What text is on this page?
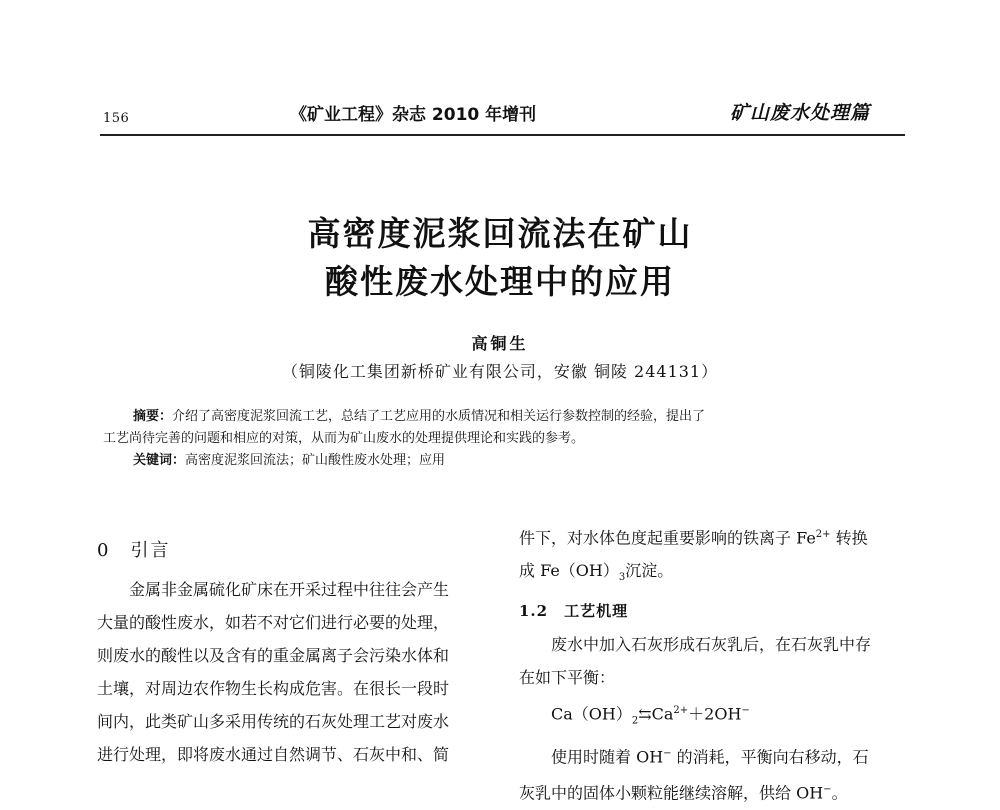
156	《矿业工程》杂志 2010 年增刊	矿山废水处理篇
高密度泥浆回流法在矿山
酸性废水处理中的应用
高铜生
（铜陵化工集团新桥矿业有限公司，安徽 铜陵 244131）
摘要：介绍了高密度泥浆回流工艺，总结了工艺应用的水质情况和相关运行参数控制的经验，提出了
工艺尚待完善的问题和相应的对策，从而为矿山废水的处理提供理论和实践的参考。
关键词：高密度泥浆回流法；矿山酸性废水处理；应用
0　引言
金属非金属硫化矿床在开采过程中往往会产生
大量的酸性废水，如若不对它们进行必要的处理，
则废水的酸性以及含有的重金属离子会污染水体和
土壤，对周边农作物生长构成危害。在很长一段时
间内，此类矿山多采用传统的石灰处理工艺对废水
进行处理，即将废水通过自然调节、石灰中和、简
件下，对水体色度起重要影响的铁离子 $Fe^{2+}$ 转换
成 $Fe(OH)_3$沉淀。
1.2　工艺机理
废水中加入石灰形成石灰乳后，在石灰乳中存
在如下平衡：
$Ca(OH)_2⇆Ca^{2+}+2OH^-$
使用时随着 OH− 的消耗，平衡向右移动，石
灰乳中的固体小颗粒能继续溶解，供给 OH−。
